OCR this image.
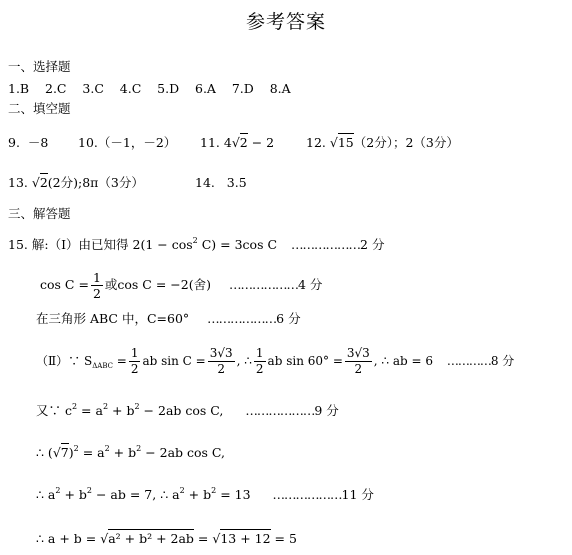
参考答案
一、选择题
1.B    2.C    3.C    4.C    5.D    6.A    7.D    8.A
二、填空题
9.  －8 10.（－1，－2） 11. 4√2 − 2	12. √15（2分）；2（3分）
13. √2(2分);8π（3分）	14.   3.5
三、解答题
15. 解:（Ⅰ）由已知得 $2(1 - \cos^2 C) = 3\cos$ C ………………2 分
$\cos C = \frac{1}{2}$ 或cos C = −2(舍) ………………4 分
在三角形 ABC 中，C=60° ………………6 分
（Ⅱ）∵ $S_{\Delta ABC} = \frac{1}{2}$ ab $\sin C = \frac{3√3}{2}$ , ∴ $\frac{1}{2}$ ab $\sin 60^\circ = \frac{3√3}{2}$ , ∴ ab = 6 …………8 分
又∵ $c^2 = a^2 + b^2 - 2ab$ cos C, ………………9 分
∴ $(√7)^2 = a^2 + b^2 - 2ab$ cos C,
∴ $a^2 + b^2$ − ab = 7, ∴ $a^2 + b^2 = 13$ ………………11 分
∴ a + b = √a² + b² + 2ab = √13 + 12 = 5
